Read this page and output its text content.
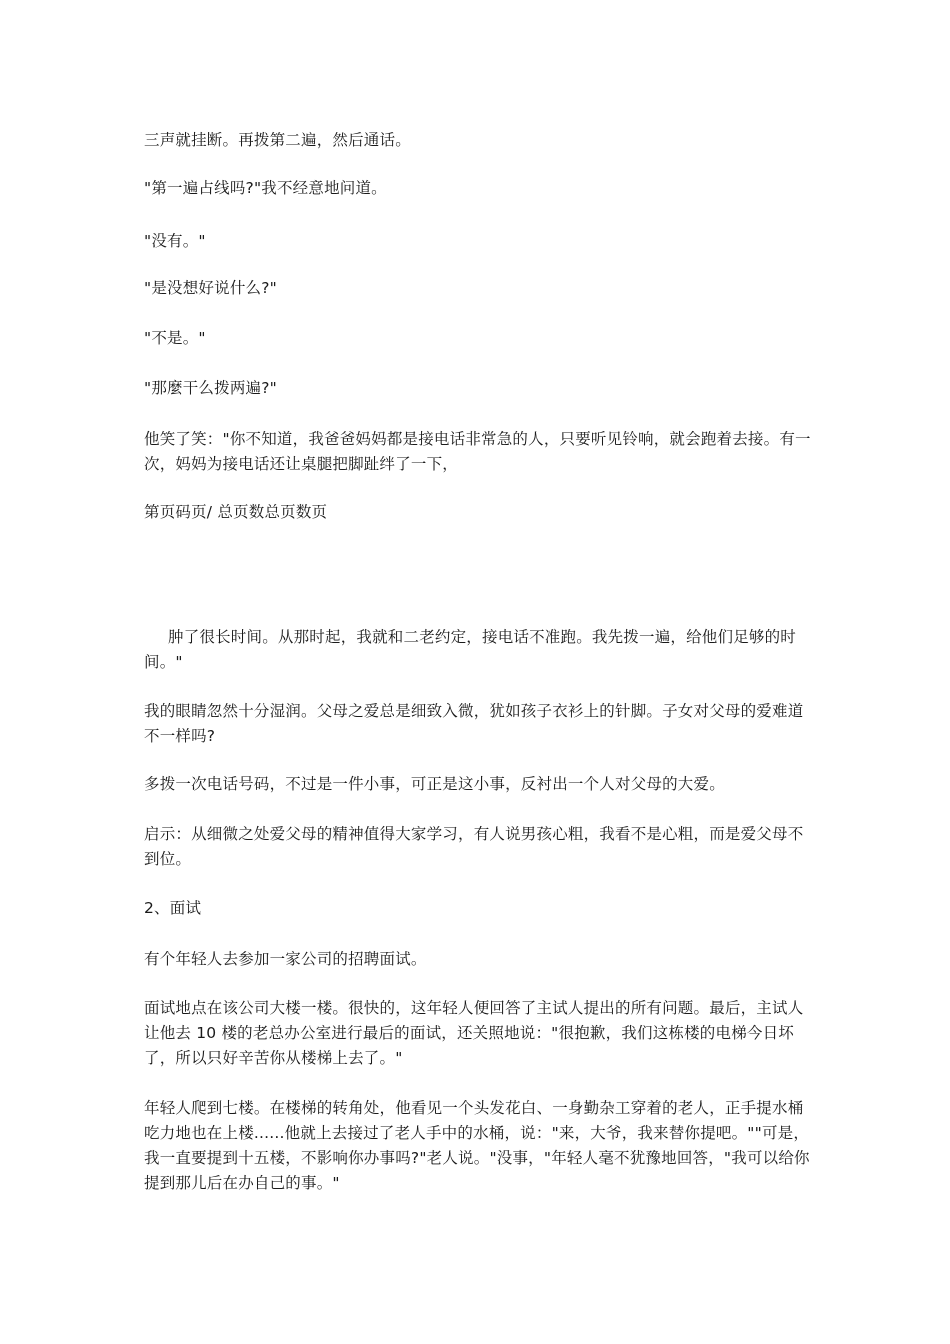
三声就挂断。再拨第二遍，然后通话。

"第一遍占线吗?"我不经意地问道。

"没有。"

"是没想好说什么?"

"不是。"

"那麼干么拨两遍?"

他笑了笑："你不知道，我爸爸妈妈都是接电话非常急的人，只要听见铃响，就会跑着去接。有一次，妈妈为接电话还让桌腿把脚趾绊了一下，

第页码页/ 总页数总页数页

肿了很长时间。从那时起，我就和二老约定，接电话不准跑。我先拨一遍，给他们足够的时间。"

我的眼睛忽然十分湿润。父母之爱总是细致入微，犹如孩子衣衫上的针脚。子女对父母的爱难道不一样吗?

多拨一次电话号码，不过是一件小事，可正是这小事，反衬出一个人对父母的大爱。

启示：从细微之处爱父母的精神值得大家学习，有人说男孩心粗，我看不是心粗，而是爱父母不到位。

2、面试

有个年轻人去参加一家公司的招聘面试。

面试地点在该公司大楼一楼。很快的，这年轻人便回答了主试人提出的所有问题。最后，主试人让他去 10 楼的老总办公室进行最后的面试，还关照地说："很抱歉，我们这栋楼的电梯今日坏了，所以只好辛苦你从楼梯上去了。"

年轻人爬到七楼。在楼梯的转角处，他看见一个头发花白、一身勤杂工穿着的老人，正手提水桶吃力地也在上楼......他就上去接过了老人手中的水桶，说："来，大爷，我来替你提吧。""可是，我一直要提到十五楼，不影响你办事吗?"老人说。"没事，"年轻人毫不犹豫地回答，"我可以给你提到那儿后在办自己的事。"
